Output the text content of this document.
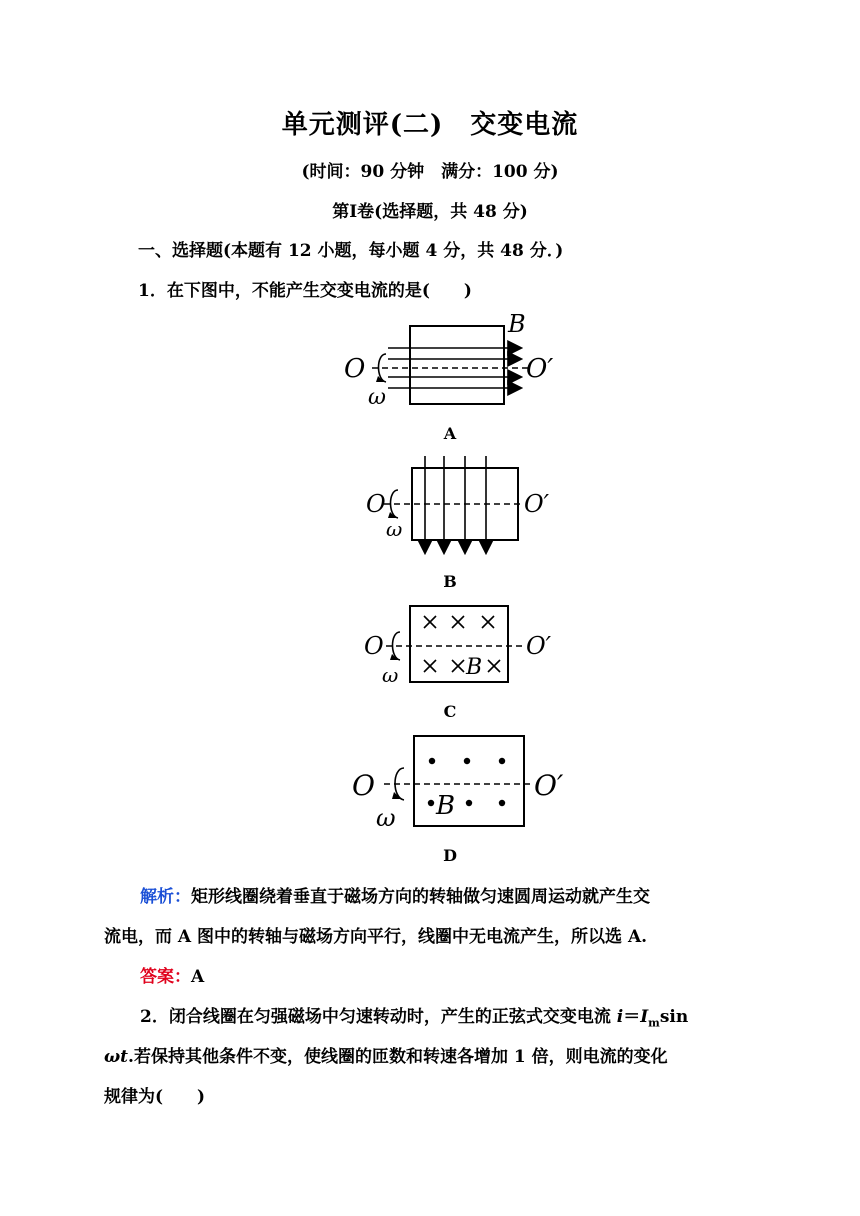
单元测评(二)　交变电流
(时间：90 分钟　满分：100 分)
第Ⅰ卷(选择题，共 48 分)
一、选择题(本题有 12 小题，每小题 4 分，共 48 分．)
1．在下图中，不能产生交变电流的是(　　)
O	O′
ω
B
A
O	O′
ω
B
O	O′
ω	B
C
O	O′
ω B
D
解析：矩形线圈绕着垂直于磁场方向的转轴做匀速圆周运动就产生交
流电，而 A 图中的转轴与磁场方向平行，线圈中无电流产生，所以选 A.
答案：A
2．闭合线圈在匀强磁场中匀速转动时，产生的正弦式交变电流 $i=I_m\sin$
ωt.若保持其他条件不变，使线圈的匝数和转速各增加 1 倍，则电流的变化
规律为(　　)
